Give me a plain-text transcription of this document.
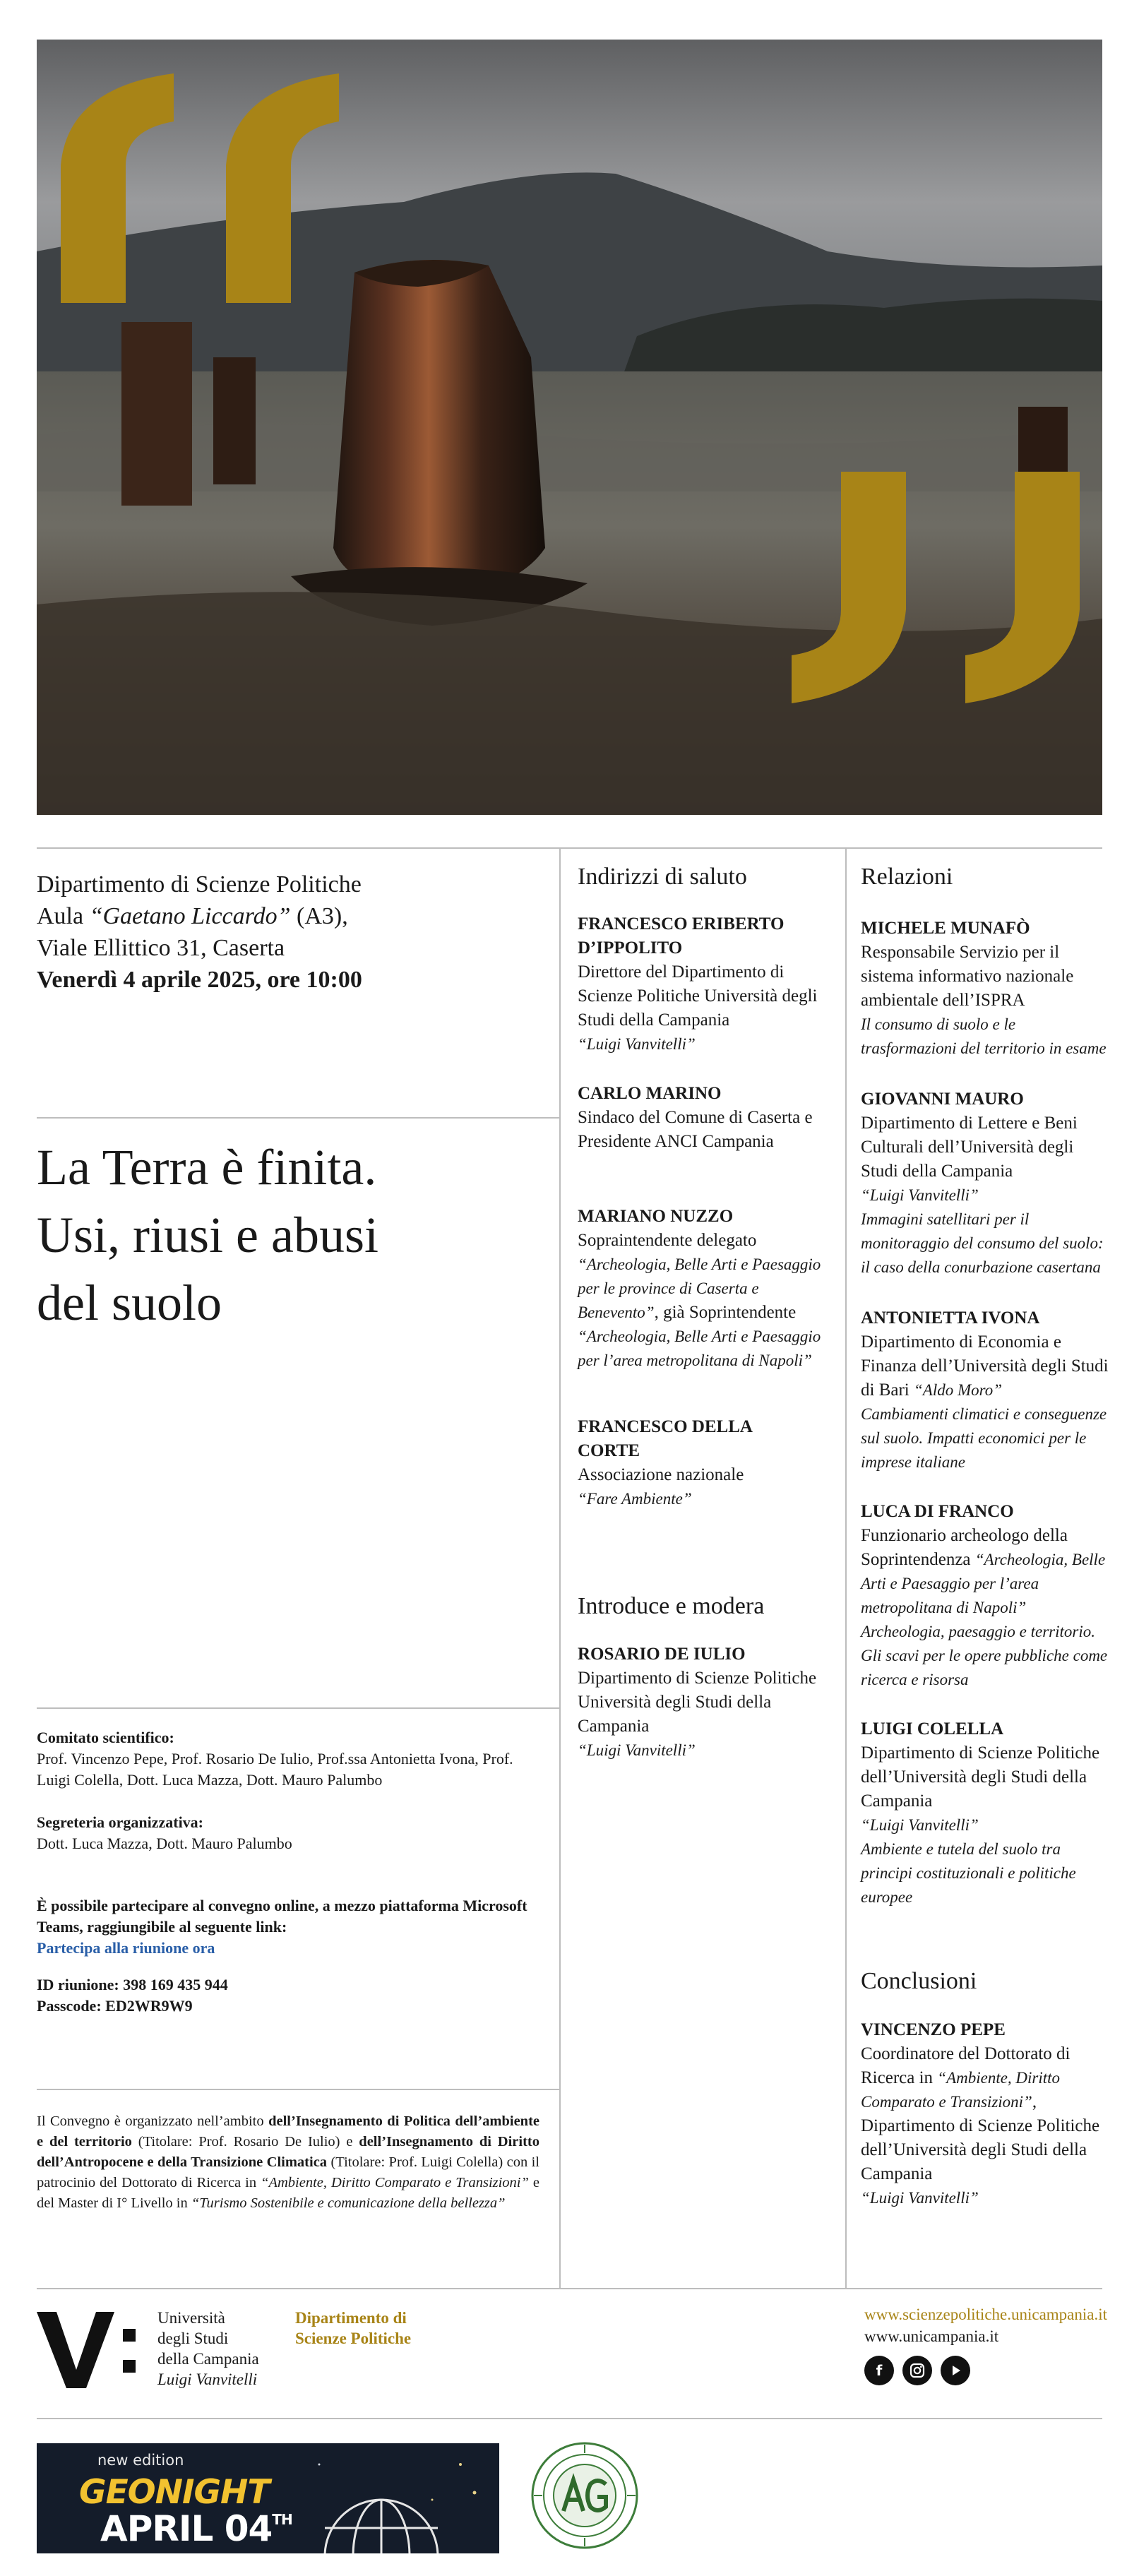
Dipartimento di Scienze Politiche
Aula “Gaetano Liccardo” (A3),
Viale Ellittico 31, Caserta
Venerdì 4 aprile 2025, ore 10:00
La Terra è finita.
Usi, riusi e abusi
del suolo
Comitato scientifico:
Prof. Vincenzo Pepe, Prof. Rosario De Iulio, Prof.ssa Antonietta Ivona, Prof. Luigi Colella, Dott. Luca Mazza, Dott. Mauro Palumbo
Segreteria organizzativa:
Dott. Luca Mazza, Dott. Mauro Palumbo
È possibile partecipare al convegno online, a mezzo piattaforma Microsoft Teams, raggiungibile al seguente link:
Partecipa alla riunione ora
ID riunione: 398 169 435 944
Passcode: ED2WR9W9
Il Convegno è organizzato nell’ambito dell’Insegnamento di Politica dell’ambiente e del territorio (Titolare: Prof. Rosario De Iulio) e dell’Insegnamento di Diritto dell’Antropocene e della Transizione Climatica (Titolare: Prof. Luigi Colella) con il patrocinio del Dottorato di Ricerca in “Ambiente, Diritto Comparato e Transizioni” e del Master di I° Livello in “Turismo Sostenibile e comunicazione della bellezza”
Indirizzi di saluto
FRANCESCO ERIBERTO
D’IPPOLITO
Direttore del Dipartimento di Scienze Politiche Università degli Studi della Campania
“Luigi Vanvitelli”
CARLO MARINO
Sindaco del Comune di Caserta e Presidente ANCI Campania
MARIANO NUZZO
Sopraintendente delegato “Archeologia, Belle Arti e Paesaggio per le province di Caserta e Benevento”, già Soprintendente “Archeologia, Belle Arti e Paesaggio per l’area metropolitana di Napoli”
FRANCESCO DELLA
CORTE
Associazione nazionale
“Fare Ambiente”
Introduce e modera
ROSARIO DE IULIO
Dipartimento di Scienze Politiche Università degli Studi della Campania
“Luigi Vanvitelli”
Relazioni
MICHELE MUNAFÒ
Responsabile Servizio per il sistema informativo nazionale ambientale dell’ISPRA
Il consumo di suolo e le trasformazioni del territorio in esame
GIOVANNI MAURO
Dipartimento di Lettere e Beni Culturali dell’Università degli Studi della Campania
“Luigi Vanvitelli”
Immagini satellitari per il monitoraggio del consumo del suolo: il caso della conurbazione casertana
ANTONIETTA IVONA
Dipartimento di Economia e Finanza dell’Università degli Studi di Bari “Aldo Moro”
Cambiamenti climatici e conseguenze sul suolo. Impatti economici per le imprese italiane
LUCA DI FRANCO
Funzionario archeologo della Soprintendenza “Archeologia, Belle Arti e Paesaggio per l’area metropolitana di Napoli”
Archeologia, paesaggio e territorio. Gli scavi per le opere pubbliche come ricerca e risorsa
LUIGI COLELLA
Dipartimento di Scienze Politiche dell’Università degli Studi della Campania
“Luigi Vanvitelli”
Ambiente e tutela del suolo tra principi costituzionali e politiche europee
Conclusioni
VINCENZO PEPE
Coordinatore del Dottorato di Ricerca in “Ambiente, Diritto Comparato e Transizioni”, Dipartimento di Scienze Politiche dell’Università degli Studi della Campania
“Luigi Vanvitelli”
Università
degli Studi
della Campania
Luigi Vanvitelli
Dipartimento di
Scienze Politiche
www.scienzepolitiche.unicampania.it
www.unicampania.it
f
new edition
GEONIGHT
APRIL 04TH
